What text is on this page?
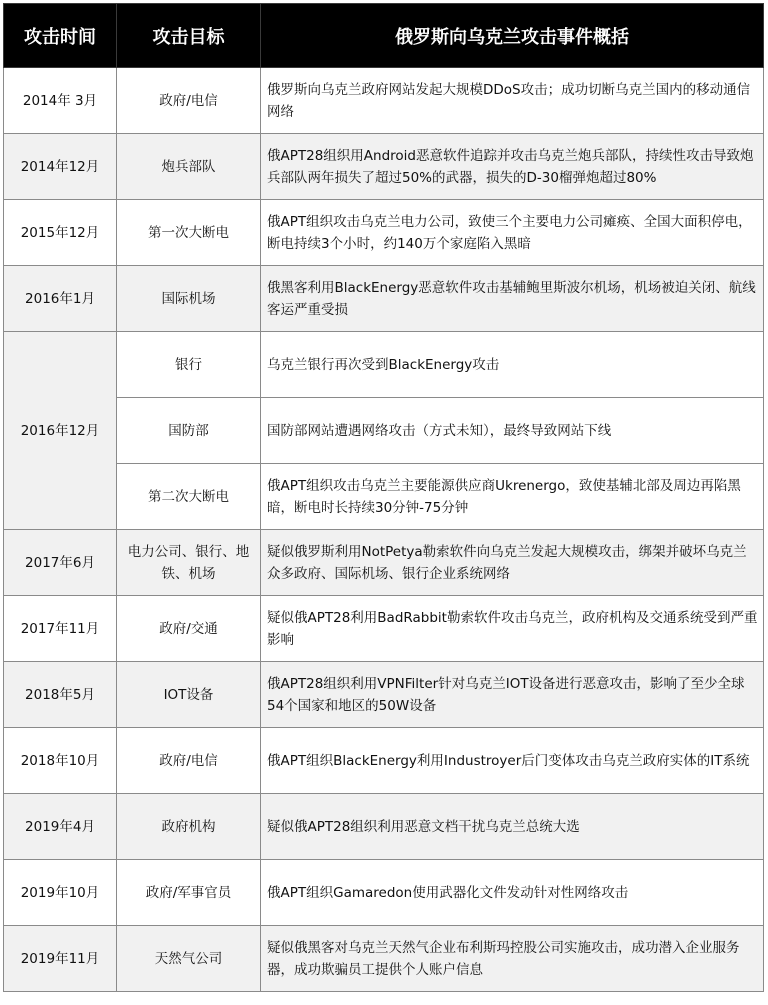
攻击时间	攻击目标	俄罗斯向乌克兰攻击事件概括
2014年 3月	政府/电信	俄罗斯向乌克兰政府网站发起大规模DDoS攻击；成功切断乌克兰国内的移动通信网络
2014年12月	炮兵部队	俄APT28组织用Android恶意软件追踪并攻击乌克兰炮兵部队，持续性攻击导致炮兵部队两年损失了超过50%的武器，损失的D-30榴弹炮超过80%
2015年12月	第一次大断电	俄APT组织攻击乌克兰电力公司，致使三个主要电力公司瘫痪、全国大面积停电，断电持续3个小时，约140万个家庭陷入黑暗
2016年1月	国际机场	俄黑客利用BlackEnergy恶意软件攻击基辅鲍里斯波尔机场，机场被迫关闭、航线客运严重受损
2016年12月	银行	乌克兰银行再次受到BlackEnergy攻击
	国防部	国防部网站遭遇网络攻击（方式未知），最终导致网站下线
	第二次大断电	俄APT组织攻击乌克兰主要能源供应商Ukrenergo，致使基辅北部及周边再陷黑暗，断电时长持续30分钟-75分钟
2017年6月	电力公司、银行、地铁、机场	疑似俄罗斯利用NotPetya勒索软件向乌克兰发起大规模攻击，绑架并破坏乌克兰众多政府、国际机场、银行企业系统网络
2017年11月	政府/交通	疑似俄APT28利用BadRabbit勒索软件攻击乌克兰，政府机构及交通系统受到严重影响
2018年5月	IOT设备	俄APT28组织利用VPNFilter针对乌克兰IOT设备进行恶意攻击，影响了至少全球54个国家和地区的50W设备
2018年10月	政府/电信	俄APT组织BlackEnergy利用Industroyer后门变体攻击乌克兰政府实体的IT系统
2019年4月	政府机构	疑似俄APT28组织利用恶意文档干扰乌克兰总统大选
2019年10月	政府/军事官员	俄APT组织Gamaredon使用武器化文件发动针对性网络攻击
2019年11月	天然气公司	疑似俄黑客对乌克兰天然气企业布利斯玛控股公司实施攻击，成功潜入企业服务器，成功欺骗员工提供个人账户信息
